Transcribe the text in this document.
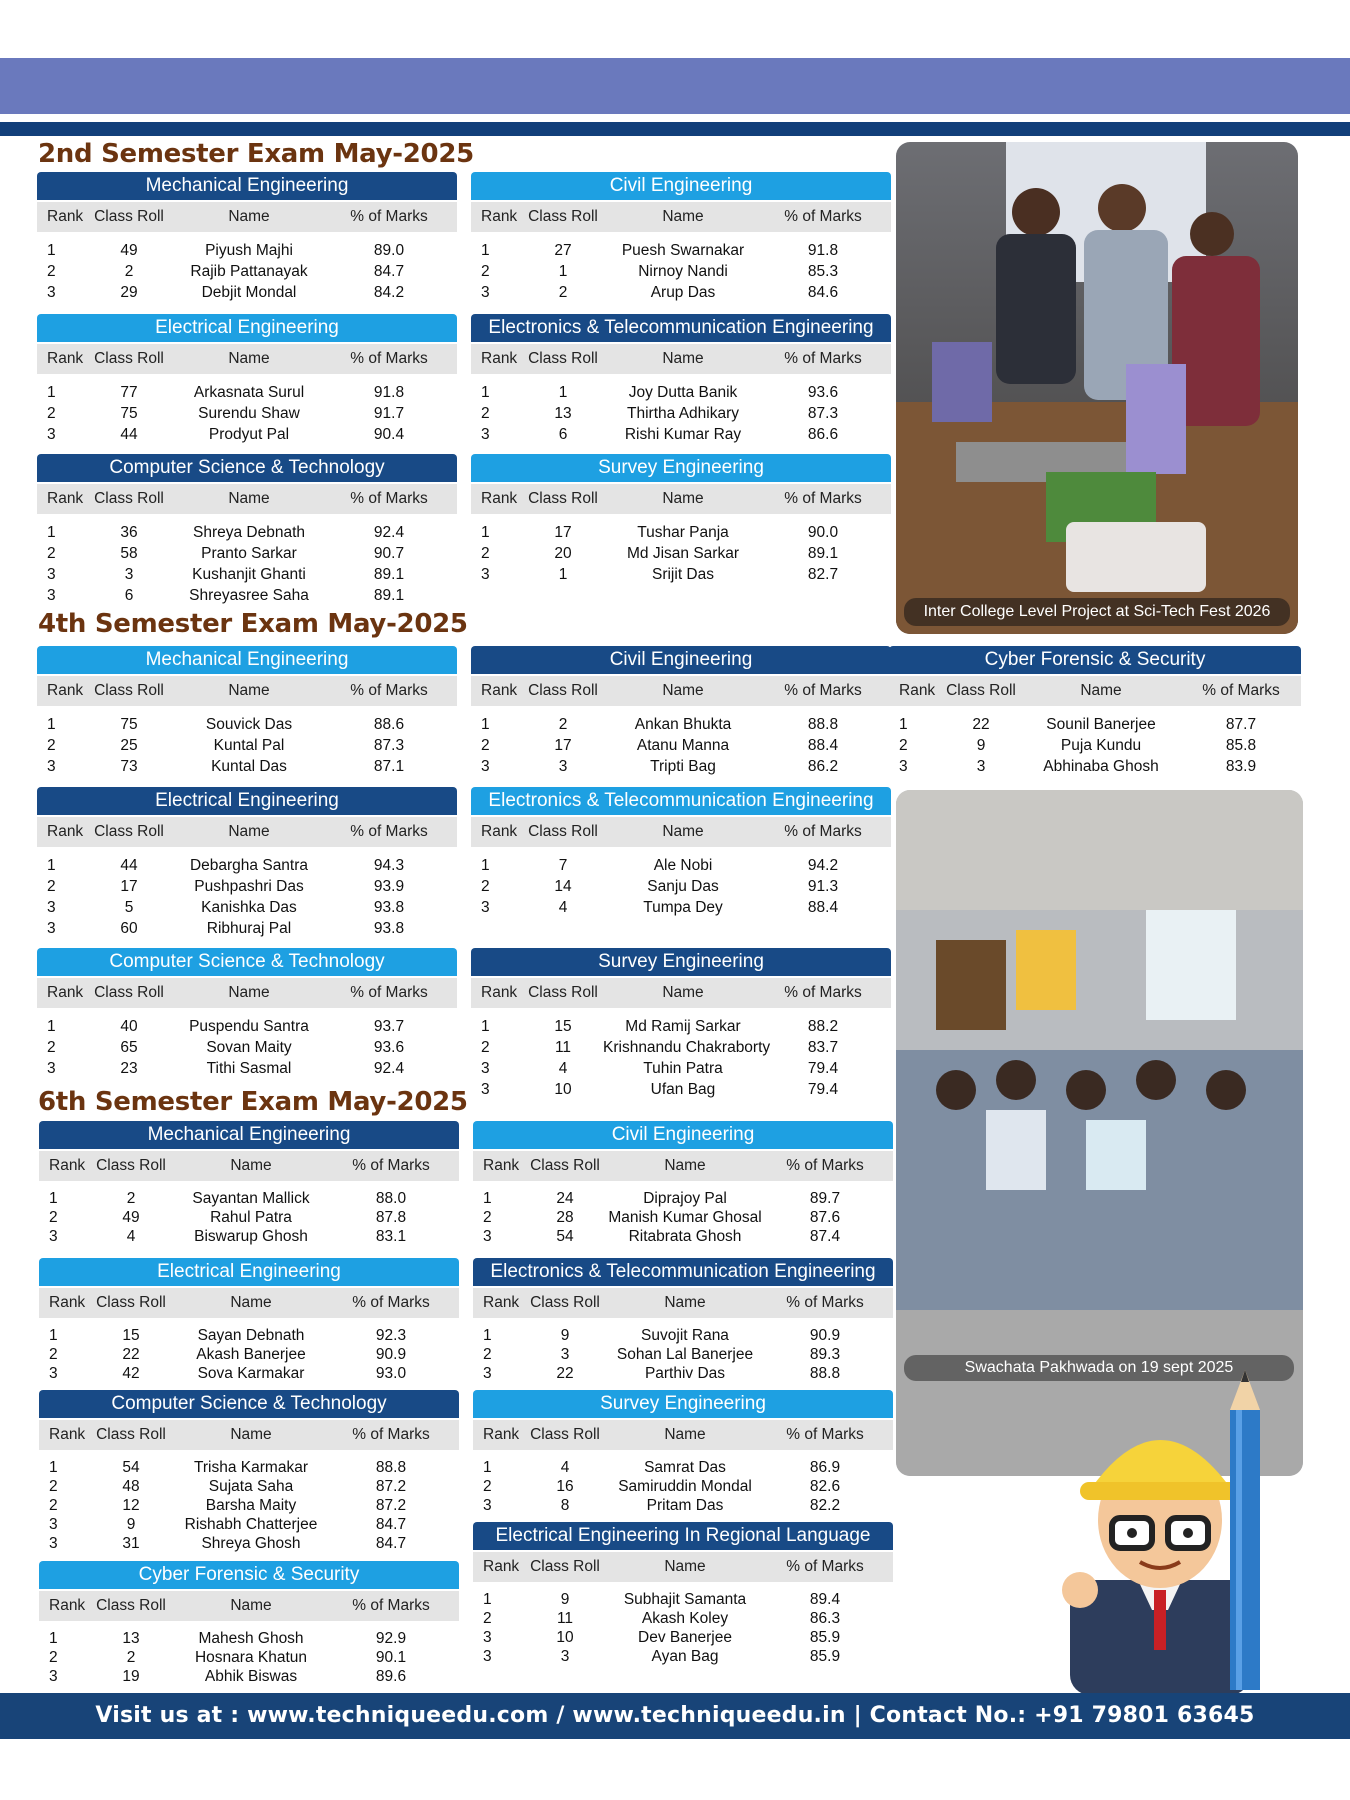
2nd Semester Exam May-2025
4th Semester Exam May-2025
6th Semester Exam May-2025
Mechanical Engineering
Rank Class Roll	Name	% of Marks
1	49	Piyush Majhi	89.0
2	2	Rajib Pattanayak	84.7
3	29	Debjit Mondal	84.2
Civil Engineering
Rank Class Roll	Name	% of Marks
1	27	Puesh Swarnakar	91.8
2	1	Nirnoy Nandi	85.3
3	2	Arup Das	84.6
Electrical Engineering
Rank Class Roll	Name	% of Marks
1	77	Arkasnata Surul	91.8
2	75	Surendu Shaw	91.7
3	44	Prodyut Pal	90.4
Electronics & Telecommunication Engineering
Rank Class Roll	Name	% of Marks
1	1	Joy Dutta Banik	93.6
2	13	Thirtha Adhikary	87.3
3	6	Rishi Kumar Ray	86.6
Computer Science & Technology
Rank Class Roll	Name	% of Marks
1	36	Shreya Debnath	92.4
2	58	Pranto Sarkar	90.7
3	3	Kushanjit Ghanti	89.1
3	6	Shreyasree Saha	89.1
Survey Engineering
Rank Class Roll	Name	% of Marks
1	17	Tushar Panja	90.0
2	20	Md Jisan Sarkar	89.1
3	1	Srijit Das	82.7
Mechanical Engineering
Rank Class Roll	Name	% of Marks
1	75	Souvick Das	88.6
2	25	Kuntal Pal	87.3
3	73	Kuntal Das	87.1
Civil Engineering
Rank Class Roll	Name	% of Marks
1	2	Ankan Bhukta	88.8
2	17	Atanu Manna	88.4
3	3	Tripti Bag	86.2
Cyber Forensic & Security
Rank Class Roll	Name	% of Marks
1	22	Sounil Banerjee	87.7
2	9	Puja Kundu	85.8
3	3	Abhinaba Ghosh	83.9
Electrical Engineering
Rank Class Roll	Name	% of Marks
1	44	Debargha Santra	94.3
2	17	Pushpashri Das	93.9
3	5	Kanishka Das	93.8
3	60	Ribhuraj Pal	93.8
Electronics & Telecommunication Engineering
Rank Class Roll	Name	% of Marks
1	7	Ale Nobi	94.2
2	14	Sanju Das	91.3
3	4	Tumpa Dey	88.4
Computer Science & Technology
Rank Class Roll	Name	% of Marks
1	40	Puspendu Santra	93.7
2	65	Sovan Maity	93.6
3	23	Tithi Sasmal	92.4
Survey Engineering
Rank Class Roll	Name	% of Marks
1	15	Md Ramij Sarkar	88.2
2	11	Krishnandu Chakraborty	83.7
3	4	Tuhin Patra	79.4
3	10	Ufan Bag	79.4
Mechanical Engineering
Rank Class Roll	Name	% of Marks
1	2	Sayantan Mallick	88.0
2	49	Rahul Patra	87.8
3	4	Biswarup Ghosh	83.1
Civil Engineering
Rank Class Roll	Name	% of Marks
1	24	Diprajoy Pal	89.7
2	28	Manish Kumar Ghosal	87.6
3	54	Ritabrata Ghosh	87.4
Electrical Engineering
Rank Class Roll	Name	% of Marks
1	15	Sayan Debnath	92.3
2	22	Akash Banerjee	90.9
3	42	Sova Karmakar	93.0
Electronics & Telecommunication Engineering
Rank Class Roll	Name	% of Marks
1	9	Suvojit Rana	90.9
2	3	Sohan Lal Banerjee	89.3
3	22	Parthiv Das	88.8
Computer Science & Technology
Rank Class Roll	Name	% of Marks
1	54	Trisha Karmakar	88.8
2	48	Sujata Saha	87.2
2	12	Barsha Maity	87.2
3	9	Rishabh Chatterjee	84.7
3	31	Shreya Ghosh	84.7
Survey Engineering
Rank Class Roll	Name	% of Marks
1	4	Samrat Das	86.9
2	16	Samiruddin Mondal	82.6
3	8	Pritam Das	82.2
Electrical Engineering In Regional Language
Rank Class Roll	Name	% of Marks
1	9	Subhajit Samanta	89.4
2	11	Akash Koley	86.3
3	10	Dev Banerjee	85.9
3	3	Ayan Bag	85.9
Cyber Forensic & Security
Rank Class Roll	Name	% of Marks
1	13	Mahesh Ghosh	92.9
2	2	Hosnara Khatun	90.1
3	19	Abhik Biswas	89.6
Inter College Level Project at Sci-Tech Fest 2026
Swachata Pakhwada on 19 sept 2025
Visit us at : www.techniqueedu.com / www.techniqueedu.in | Contact No.: +91 79801 63645
